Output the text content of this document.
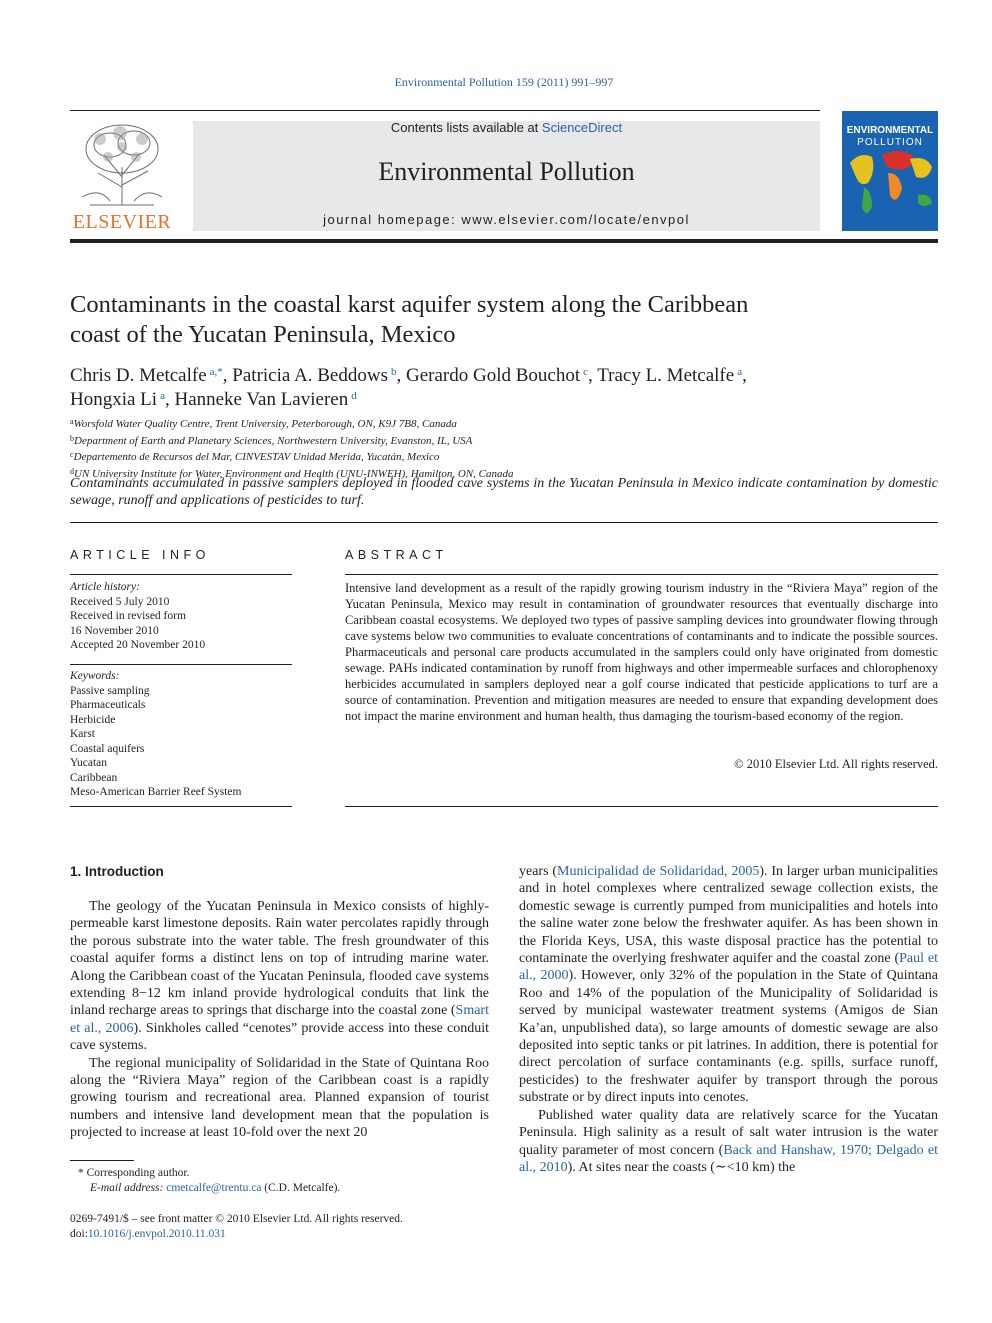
Environmental Pollution 159 (2011) 991–997
ELSEVIER
Contents lists available at ScienceDirect
Environmental Pollution
journal homepage: www.elsevier.com/locate/envpol
ENVIRONMENTAL
POLLUTION
Contaminants in the coastal karst aquifer system along the Caribbean
coast of the Yucatan Peninsula, Mexico
Chris D. Metcalfe $^{a,*}$, Patricia A. Beddows $^b$, Gerardo Gold Bouchot $^c$, Tracy L. Metcalfe $^a$,
Hongxia Li $^a$, Hanneke Van Lavieren $^d$
$^a$Worsfold Water Quality Centre, Trent University, Peterborough, ON, K9J 7B8, Canada
$^b$Department of Earth and Planetary Sciences, Northwestern University, Evanston, IL, USA
$^c$Departemento de Recursos del Mar, CINVESTAV Unidad Merida, Yucatán, Mexico
$^d$UN University Institute for Water, Environment and Health (UNU-INWEH), Hamilton, ON, Canada
Contaminants accumulated in passive samplers deployed in flooded cave systems in the Yucatan Peninsula in Mexico indicate contamination by domestic sewage, runoff and applications of pesticides to turf.
ARTICLE INFO
Article history:
Received 5 July 2010
Received in revised form
16 November 2010
Accepted 20 November 2010
Keywords:
Passive sampling
Pharmaceuticals
Herbicide
Karst
Coastal aquifers
Yucatan
Caribbean
Meso-American Barrier Reef System
ABSTRACT
Intensive land development as a result of the rapidly growing tourism industry in the “Riviera Maya” region of the Yucatan Peninsula, Mexico may result in contamination of groundwater resources that eventually discharge into Caribbean coastal ecosystems. We deployed two types of passive sampling devices into groundwater flowing through cave systems below two communities to evaluate concentrations of contaminants and to indicate the possible sources. Pharmaceuticals and personal care products accumulated in the samplers could only have originated from domestic sewage. PAHs indicated contamination by runoff from highways and other impermeable surfaces and chlorophenoxy herbicides accumulated in samplers deployed near a golf course indicated that pesticide applications to turf are a source of contamination. Prevention and mitigation measures are needed to ensure that expanding development does not impact the marine environment and human health, thus damaging the tourism-based economy of the region.
© 2010 Elsevier Ltd. All rights reserved.
1. Introduction

The geology of the Yucatan Peninsula in Mexico consists of highly-permeable karst limestone deposits. Rain water percolates rapidly through the porous substrate into the water table. The fresh groundwater of this coastal aquifer forms a distinct lens on top of intruding marine water. Along the Caribbean coast of the Yucatan Peninsula, flooded cave systems extending 8−12 km inland provide hydrological conduits that link the inland recharge areas to springs that discharge into the coastal zone (Smart et al., 2006). Sinkholes called “cenotes” provide access into these conduit cave systems.

The regional municipality of Solidaridad in the State of Quintana Roo along the “Riviera Maya” region of the Caribbean coast is a rapidly growing tourism and recreational area. Planned expansion of tourist numbers and intensive land development mean that the population is projected to increase at least 10-fold over the next 20

years (Municipalidad de Solidaridad, 2005). In larger urban municipalities and in hotel complexes where centralized sewage collection exists, the domestic sewage is currently pumped from municipalities and hotels into the saline water zone below the freshwater aquifer. As has been shown in the Florida Keys, USA, this waste disposal practice has the potential to contaminate the overlying freshwater aquifer and the coastal zone (Paul et al., 2000). However, only 32% of the population in the State of Quintana Roo and 14% of the population of the Municipality of Solidaridad is served by municipal wastewater treatment systems (Amigos de Sian Ka’an, unpublished data), so large amounts of domestic sewage are also deposited into septic tanks or pit latrines. In addition, there is potential for direct percolation of surface contaminants (e.g. spills, surface runoff, pesticides) to the freshwater aquifer by transport through the porous substrate or by direct inputs into cenotes.

Published water quality data are relatively scarce for the Yucatan Peninsula. High salinity as a result of salt water intrusion is the water quality parameter of most concern (Back and Hanshaw, 1970; Delgado et al., 2010). At sites near the coasts (∼<10 km) the

* Corresponding author.
E-mail address: cmetcalfe@trentu.ca (C.D. Metcalfe).
0269-7491/$ – see front matter © 2010 Elsevier Ltd. All rights reserved.
doi:10.1016/j.envpol.2010.11.031
